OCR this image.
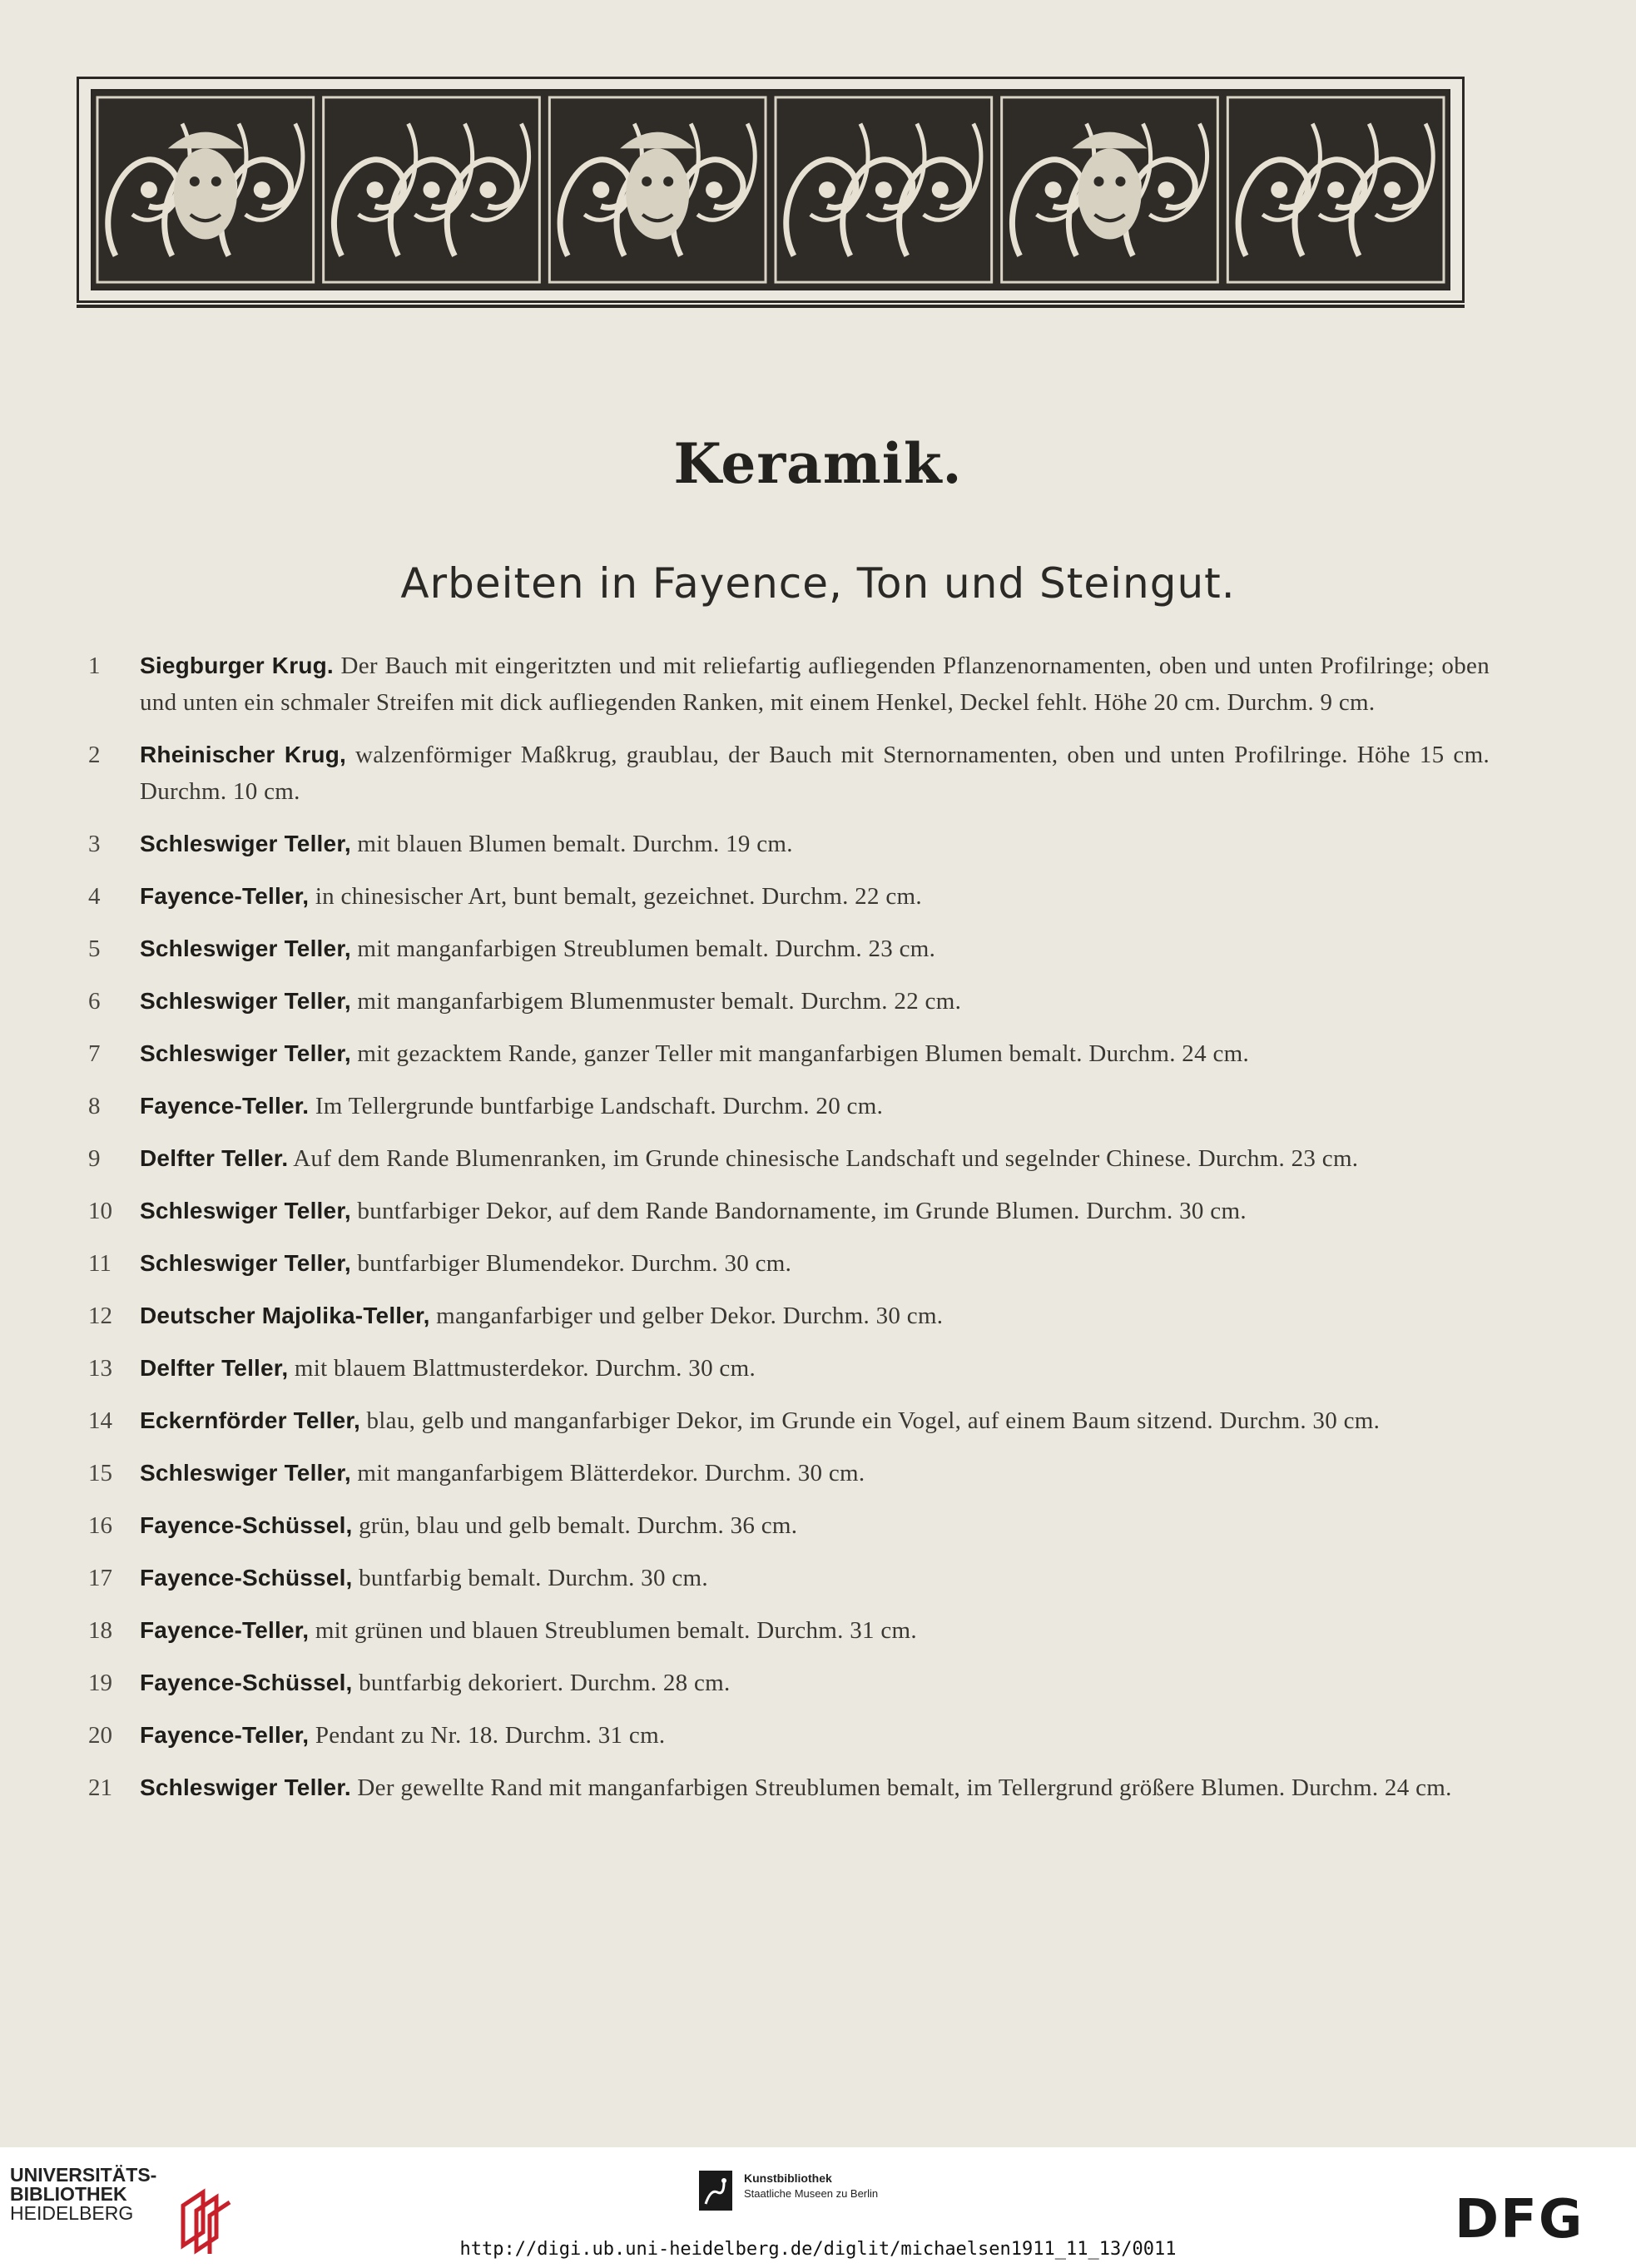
Keramik.
Arbeiten in Fayence, Ton und Steingut.
1	Siegburger Krug. Der Bauch mit eingeritzten und mit reliefartig aufliegenden Pflanzenornamenten, oben und unten Profilringe; oben und unten ein schmaler Streifen mit dick aufliegenden Ranken, mit einem Henkel, Deckel fehlt. Höhe 20 cm. Durchm. 9 cm.
2	Rheinischer Krug, walzenförmiger Maßkrug, graublau, der Bauch mit Sternornamenten, oben und unten Profilringe. Höhe 15 cm. Durchm. 10 cm.
3	Schleswiger Teller, mit blauen Blumen bemalt. Durchm. 19 cm.
4	Fayence-Teller, in chinesischer Art, bunt bemalt, gezeichnet. Durchm. 22 cm.
5	Schleswiger Teller, mit manganfarbigen Streublumen bemalt. Durchm. 23 cm.
6	Schleswiger Teller, mit manganfarbigem Blumenmuster bemalt. Durchm. 22 cm.
7	Schleswiger Teller, mit gezacktem Rande, ganzer Teller mit manganfarbigen Blumen bemalt. Durchm. 24 cm.
8	Fayence-Teller. Im Tellergrunde buntfarbige Landschaft. Durchm. 20 cm.
9	Delfter Teller. Auf dem Rande Blumenranken, im Grunde chinesische Landschaft und segelnder Chinese. Durchm. 23 cm.
10	Schleswiger Teller, buntfarbiger Dekor, auf dem Rande Bandornamente, im Grunde Blumen. Durchm. 30 cm.
11	Schleswiger Teller, buntfarbiger Blumendekor. Durchm. 30 cm.
12	Deutscher Majolika-Teller, manganfarbiger und gelber Dekor. Durchm. 30 cm.
13	Delfter Teller, mit blauem Blattmusterdekor. Durchm. 30 cm.
14	Eckernförder Teller, blau, gelb und manganfarbiger Dekor, im Grunde ein Vogel, auf einem Baum sitzend. Durchm. 30 cm.
15	Schleswiger Teller, mit manganfarbigem Blätterdekor. Durchm. 30 cm.
16	Fayence-Schüssel, grün, blau und gelb bemalt. Durchm. 36 cm.
17	Fayence-Schüssel, buntfarbig bemalt. Durchm. 30 cm.
18	Fayence-Teller, mit grünen und blauen Streublumen bemalt. Durchm. 31 cm.
19	Fayence-Schüssel, buntfarbig dekoriert. Durchm. 28 cm.
20	Fayence-Teller, Pendant zu Nr. 18. Durchm. 31 cm.
21	Schleswiger Teller. Der gewellte Rand mit manganfarbigen Streublumen bemalt, im Tellergrund größere Blumen. Durchm. 24 cm.
UNIVERSITÄTS-
BIBLIOTHEK
HEIDELBERG
Kunstbibliothek
Staatliche Museen zu Berlin	DFG
http://digi.ub.uni-heidelberg.de/diglit/michaelsen1911_11_13/0011
